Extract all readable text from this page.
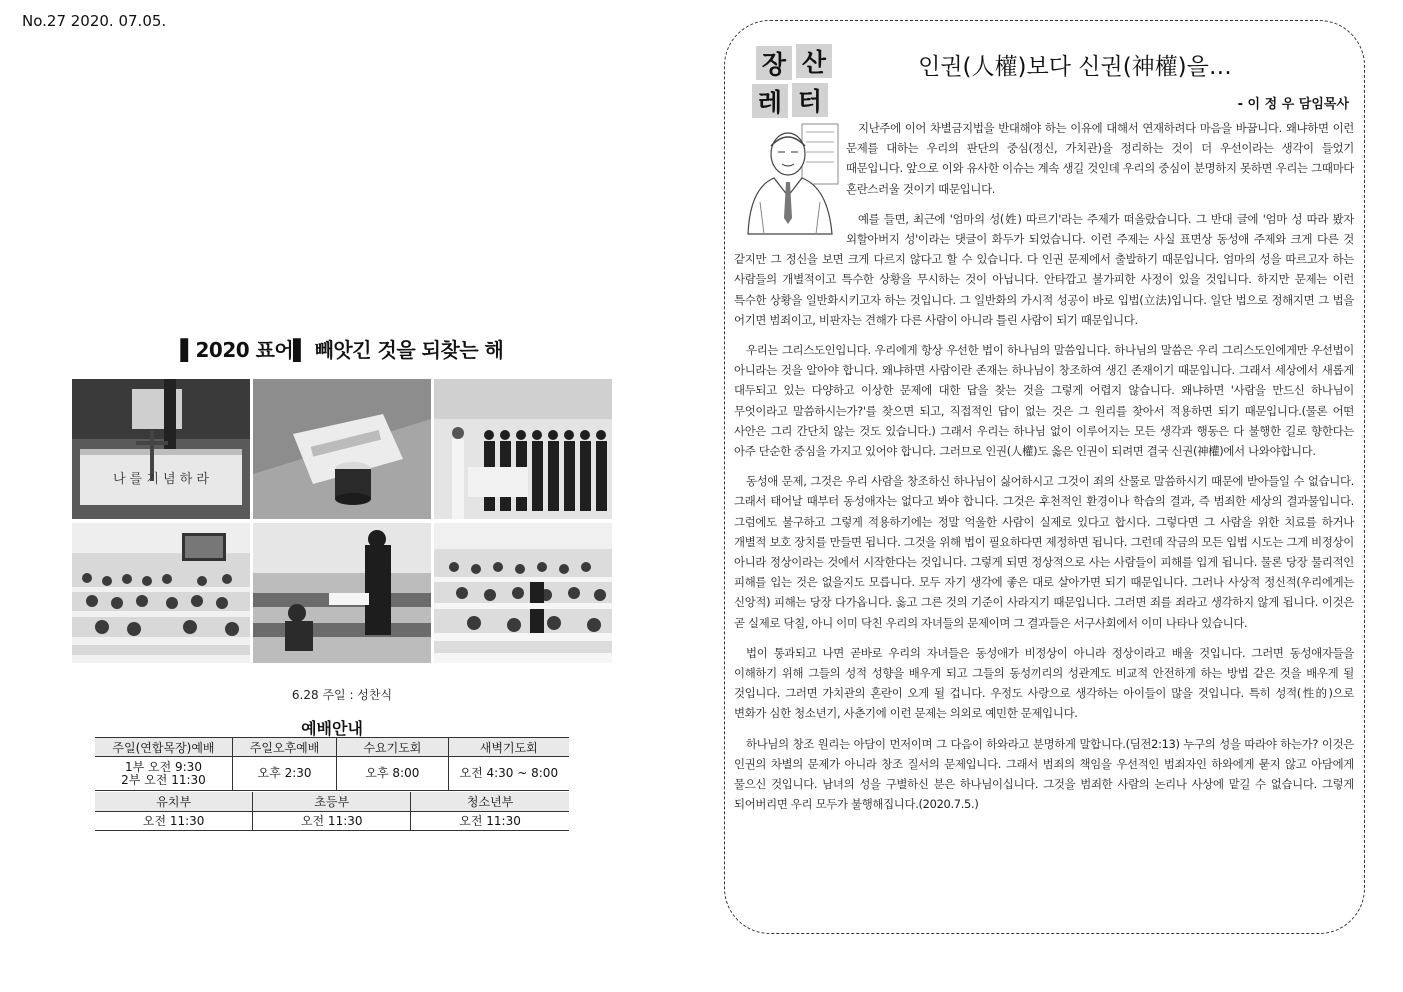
No.27 2020. 07.05.
▌2020 표어▌ 빼앗긴 것을 되찾는 해
나 를 기 념 하 라
6.28 주일 : 성찬식
예배안내
주일(연합목장)예배	주일오후예배	수요기도회	새벽기도회
1부 오전 9:30
2부 오전 11:30	오후 2:30	오후 8:00	오전 4:30 ~ 8:00
유치부	초등부	청소년부
오전 11:30	오전 11:30	오전 11:30
장 산
레 터
인권(人權)보다 신권(神權)을…
- 이 정 우 담임목사

지난주에 이어 차별금지법을 반대해야 하는 이유에 대해서 연재하려다 마음을 바꿉니다. 왜냐하면 이런 문제를 대하는 우리의 판단의 중심(정신, 가치관)을 정리하는 것이 더 우선이라는 생각이 들었기 때문입니다. 앞으로 이와 유사한 이슈는 계속 생길 것인데 우리의 중심이 분명하지 못하면 우리는 그때마다 혼란스러울 것이기 때문입니다.

예를 들면, 최근에 '엄마의 성(姓) 따르기'라는 주제가 떠올랐습니다. 그 반대 글에 '엄마 성 따라 봤자 외할아버지 성'이라는 댓글이 화두가 되었습니다. 이런 주제는 사실 표면상 동성애 주제와 크게 다른 것 같지만 그 정신을 보면 크게 다르지 않다고 할 수 있습니다. 다 인권 문제에서 출발하기 때문입니다. 엄마의 성을 따르고자 하는 사람들의 개별적이고 특수한 상황을 무시하는 것이 아닙니다. 안타깝고 불가피한 사정이 있을 것입니다. 하지만 문제는 이런 특수한 상황을 일반화시키고자 하는 것입니다. 그 일반화의 가시적 성공이 바로 입법(立法)입니다. 일단 법으로 정해지면 그 법을 어기면 범죄이고, 비판자는 견해가 다른 사람이 아니라 틀린 사람이 되기 때문입니다.

우리는 그리스도인입니다. 우리에게 항상 우선한 법이 하나님의 말씀입니다. 하나님의 말씀은 우리 그리스도인에게만 우선법이 아니라는 것을 알아야 합니다. 왜냐하면 사람이란 존재는 하나님이 창조하여 생긴 존재이기 때문입니다. 그래서 세상에서 새롭게 대두되고 있는 다양하고 이상한 문제에 대한 답을 찾는 것을 그렇게 어렵지 않습니다. 왜냐하면 '사람을 만드신 하나님이 무엇이라고 말씀하시는가?'를 찾으면 되고, 직접적인 답이 없는 것은 그 원리를 찾아서 적용하면 되기 때문입니다.(물론 어떤 사안은 그리 간단치 않는 것도 있습니다.) 그래서 우리는 하나님 없이 이루어지는 모든 생각과 행동은 다 불행한 길로 향한다는 아주 단순한 중심을 가지고 있어야 합니다. 그러므로 인권(人權)도 옳은 인권이 되려면 결국 신권(神權)에서 나와야합니다.

동성애 문제, 그것은 우리 사람을 창조하신 하나님이 싫어하시고 그것이 죄의 산물로 말씀하시기 때문에 받아들일 수 없습니다. 그래서 태어날 때부터 동성애자는 없다고 봐야 합니다. 그것은 후천적인 환경이나 학습의 결과, 즉 범죄한 세상의 결과물입니다. 그럼에도 불구하고 그렇게 적용하기에는 정말 억울한 사람이 실제로 있다고 합시다. 그렇다면 그 사람을 위한 치료를 하거나 개별적 보호 장치를 만들면 됩니다. 그것을 위해 법이 필요하다면 제정하면 됩니다. 그런데 작금의 모든 입법 시도는 그게 비정상이 아니라 정상이라는 것에서 시작한다는 것입니다. 그렇게 되면 정상적으로 사는 사람들이 피해를 입게 됩니다. 물론 당장 물리적인 피해를 입는 것은 없을지도 모릅니다. 모두 자기 생각에 좋은 대로 살아가면 되기 때문입니다. 그러나 사상적 정신적(우리에게는 신앙적) 피해는 당장 다가옵니다. 옳고 그른 것의 기준이 사라지기 때문입니다. 그러면 죄를 죄라고 생각하지 않게 됩니다. 이것은 곧 실제로 닥칠, 아니 이미 닥친 우리의 자녀들의 문제이며 그 결과들은 서구사회에서 이미 나타나 있습니다.

법이 통과되고 나면 곧바로 우리의 자녀들은 동성애가 비정상이 아니라 정상이라고 배울 것입니다. 그러면 동성애자들을 이해하기 위해 그들의 성적 성향을 배우게 되고 그들의 동성끼리의 성관계도 비교적 안전하게 하는 방법 같은 것을 배우게 될 것입니다. 그러면 가치관의 혼란이 오게 될 겁니다. 우정도 사랑으로 생각하는 아이들이 많을 것입니다. 특히 성적(性的)으로 변화가 심한 청소년기, 사춘기에 이런 문제는 의외로 예민한 문제입니다.

하나님의 창조 원리는 아담이 먼저이며 그 다음이 하와라고 분명하게 말합니다.(딤전2:13) 누구의 성을 따라야 하는가? 이것은 인권의 차별의 문제가 아니라 창조 질서의 문제입니다. 그래서 범죄의 책임을 우선적인 범죄자인 하와에게 묻지 않고 아담에게 물으신 것입니다. 남녀의 성을 구별하신 분은 하나님이십니다. 그것을 범죄한 사람의 논리나 사상에 맡길 수 없습니다. 그렇게 되어버리면 우리 모두가 불행해집니다.(2020.7.5.)
